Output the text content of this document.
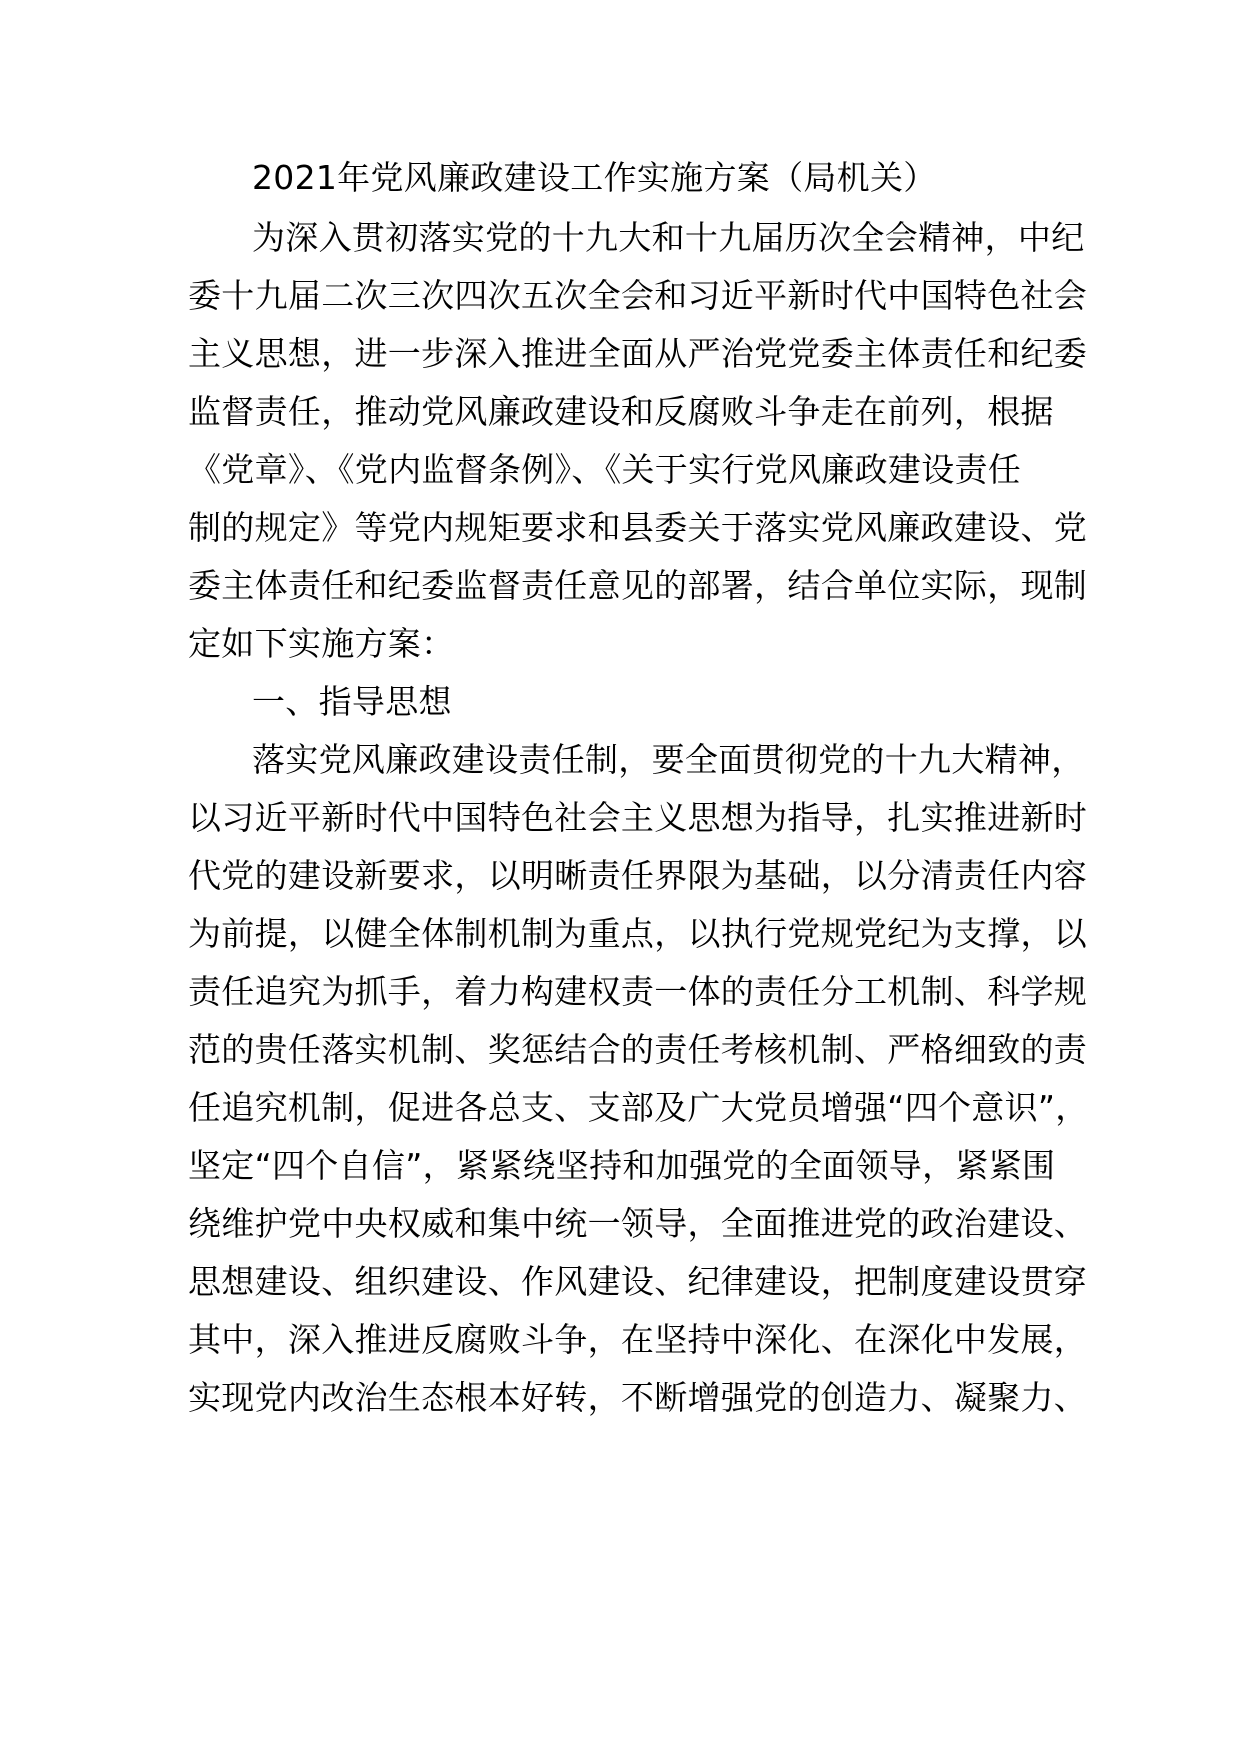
2021年党风廉政建设工作实施方案（局机关）
为深入贯初落实党的十九大和十九届历次全会精神，中纪
委十九届二次三次四次五次全会和习近平新时代中国特色社会
主义思想，进一步深入推进全面从严治党党委主体责任和纪委
监督责任，推动党风廉政建设和反腐败斗争走在前列，根据
《党章》、《党内监督条例》、《关于实行党风廉政建设责任
制的规定》等党内规矩要求和县委关于落实党风廉政建设、党
委主体责任和纪委监督责任意见的部署，结合单位实际，现制
定如下实施方案：
一、指导思想
落实党风廉政建设责任制，要全面贯彻党的十九大精神，
以习近平新时代中国特色社会主义思想为指导，扎实推进新时
代党的建设新要求，以明晰责任界限为基础，以分清责任内容
为前提，以健全体制机制为重点，以执行党规党纪为支撑，以
责任追究为抓手，着力构建权责一体的责任分工机制、科学规
范的贵任落实机制、奖惩结合的责任考核机制、严格细致的责
任追究机制，促进各总支、支部及广大党员增强“四个意识”，
坚定“四个自信”，紧紧绕坚持和加强党的全面领导，紧紧围
绕维护党中央权威和集中统一领导，全面推进党的政治建设、
思想建设、组织建设、作风建设、纪律建设，把制度建设贯穿
其中，深入推进反腐败斗争，在坚持中深化、在深化中发展，
实现党内改治生态根本好转，不断增强党的创造力、凝聚力、
